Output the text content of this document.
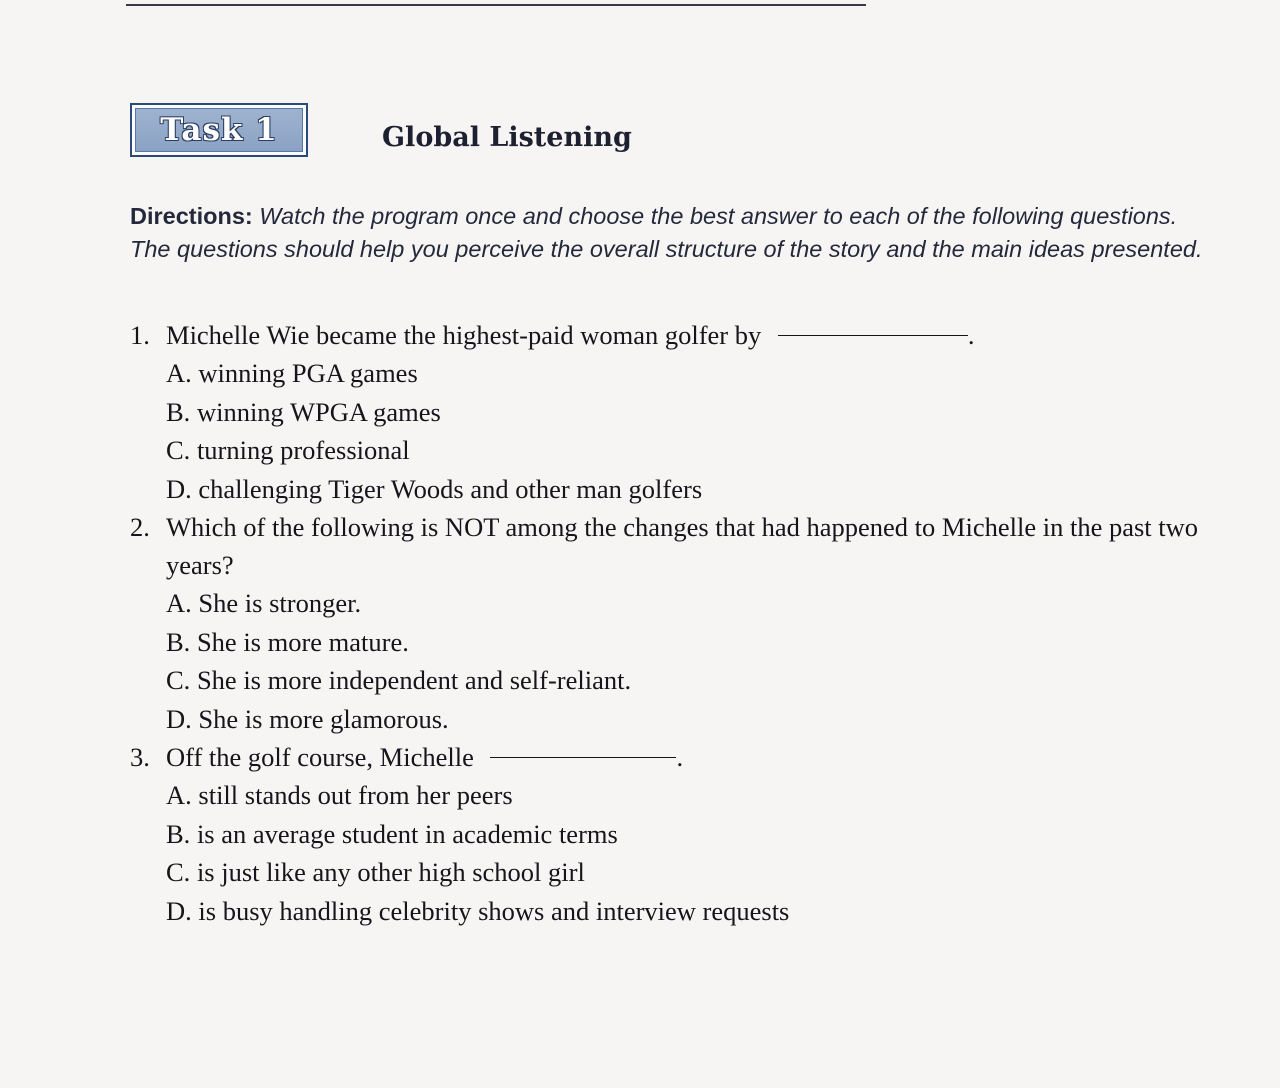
Task 1	Global Listening
Directions: Watch the program once and choose the best answer to each of the following questions. The questions should help you perceive the overall structure of the story and the main ideas presented.
1. Michelle Wie became the highest-paid woman golfer by	.
A. winning PGA games
B. winning WPGA games
C. turning professional
D. challenging Tiger Woods and other man golfers
2. Which of the following is NOT among the changes that had happened to Michelle in the past two years?
A. She is stronger.
B. She is more mature.
C. She is more independent and self-reliant.
D. She is more glamorous.
3. Off the golf course, Michelle	.
A. still stands out from her peers
B. is an average student in academic terms
C. is just like any other high school girl
D. is busy handling celebrity shows and interview requests
